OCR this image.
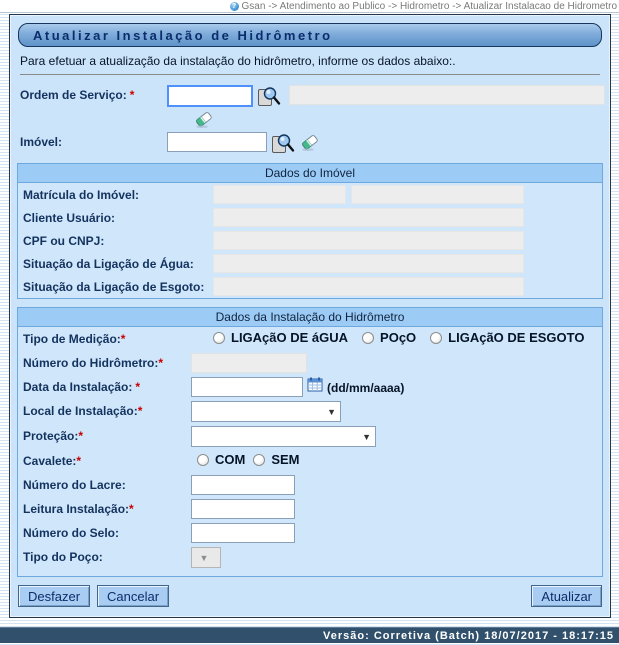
? Gsan -> Atendimento ao Publico -> Hidrometro -> Atualizar Instalacao de Hidrometro
Atualizar Instalação de Hidrômetro
Para efetuar a atualização da instalação do hidrômetro, informe os dados abaixo:.
Ordem de Serviço: *
Imóvel:
Dados do Imóvel
Matrícula do Imóvel:
Cliente Usuário:
CPF ou CNPJ:
Situação da Ligação de Água:
Situação da Ligação de Esgoto:
Dados da Instalação do Hidrômetro
Tipo de Medição:*	LIGAçãO DE áGUA POçO LIGAçãO DE ESGOTO
Número do Hidrômetro:*
Data da Instalação: *	(dd/mm/aaaa)
Local de Instalação:*	▼
Proteção:*	▼
Cavalete:*	COM SEM
Número do Lacre:
Leitura Instalação:*
Número do Selo:
Tipo do Poço:	▼
Desfazer	Cancelar	Atualizar
Versão: Corretiva (Batch) 18/07/2017 - 18:17:15
